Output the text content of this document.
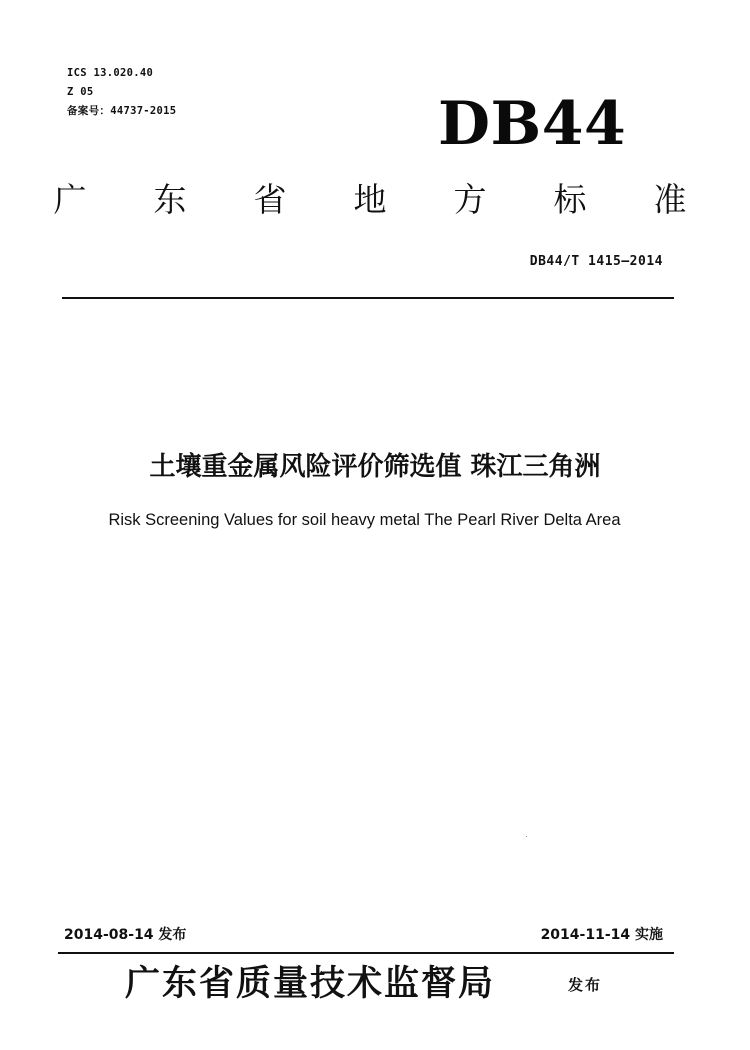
ICS 13.020.40
Z 05
备案号：44737-2015	DB44
广 东 省 地 方 标 准
DB44/T 1415—2014
土壤重金属风险评价筛选值 珠江三角洲
Risk Screening Values for soil heavy metal The Pearl River Delta Area
2014-08-14 发布	2014-11-14 实施
广东省质量技术监督局	发布
